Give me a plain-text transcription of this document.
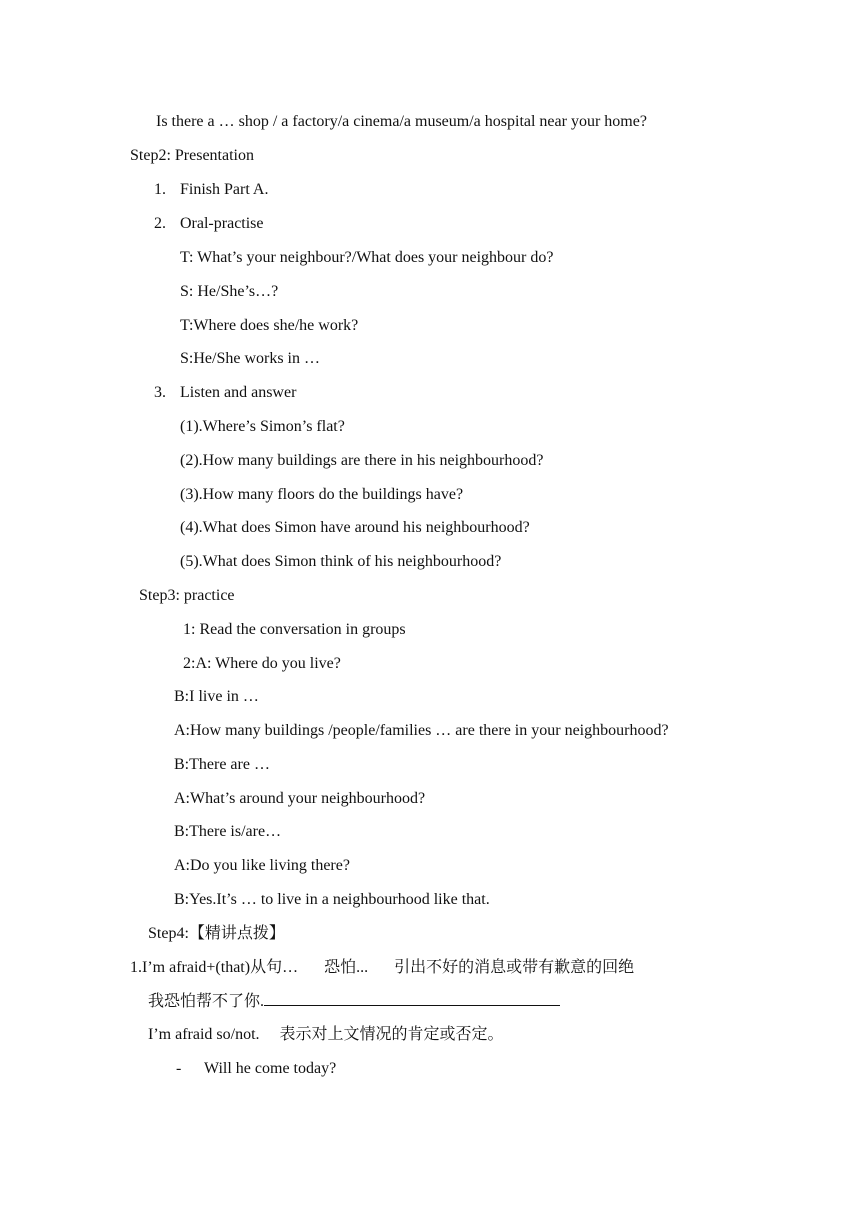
Is there a … shop / a factory/a cinema/a museum/a hospital near your home?
Step2: Presentation
1. Finish Part A.
2. Oral-practise
T: What’s your neighbour?/What does your neighbour do?
S: He/She’s…?
T:Where does she/he work?
S:He/She works in …
3. Listen and answer
(1).Where’s Simon’s flat?
(2).How many buildings are there in his neighbourhood?
(3).How many floors do the buildings have?
(4).What does Simon have around his neighbourhood?
(5).What does Simon think of his neighbourhood?
Step3: practice
1: Read the conversation in groups
2:A: Where do you live?
B:I live in …
A:How many buildings /people/families … are there in your neighbourhood?
B:There are …
A:What’s around your neighbourhood?
B:There is/are…
A:Do you like living there?
B:Yes.It’s … to live in a neighbourhood like that.
Step4:【精讲点拨】
1.I’m afraid+(that)从句… 恐怕... 引出不好的消息或带有歉意的回绝
我恐怕帮不了你.
I’m afraid so/not. 表示对上文情况的肯定或否定。
- Will he come today?
